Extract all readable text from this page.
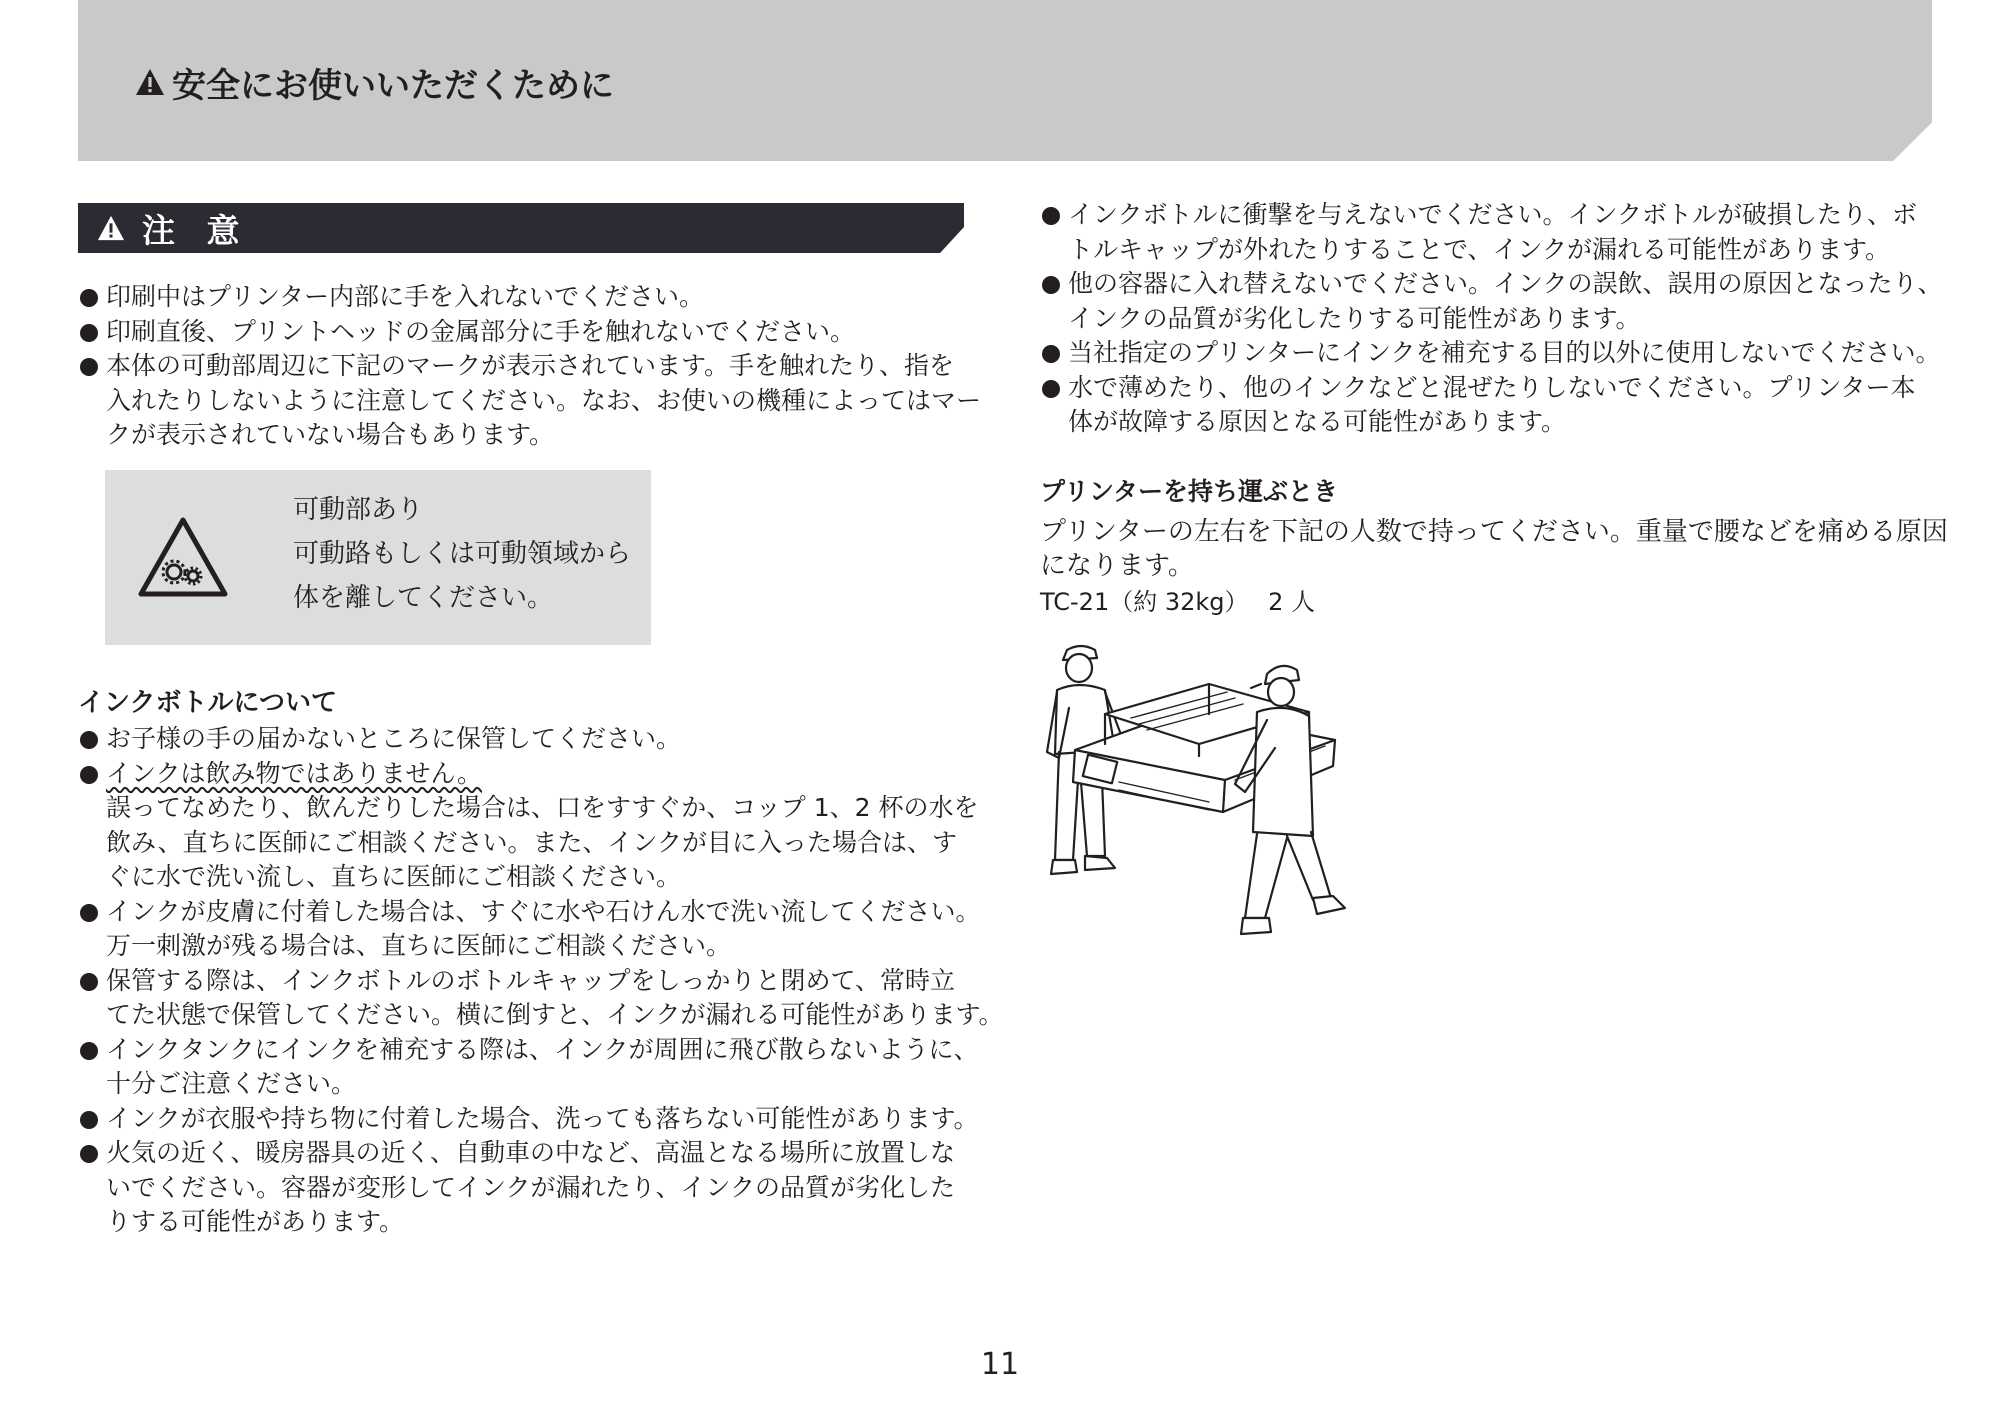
安全にお使いいただくために
注 意
印刷中はプリンター内部に手を入れないでください。
印刷直後、プリントヘッドの金属部分に手を触れないでください。
本体の可動部周辺に下記のマークが表示されています。手を触れたり、指を
入れたりしないように注意してください。なお、お使いの機種によってはマー
クが表示されていない場合もあります。
可動部あり
可動路もしくは可動領域から
体を離してください。
インクボトルについて
お子様の手の届かないところに保管してください。
インクは飲み物ではありません。
誤ってなめたり、飲んだりした場合は、口をすすぐか、コップ 1、2 杯の水を
飲み、直ちに医師にご相談ください。また、インクが目に入った場合は、す
ぐに水で洗い流し、直ちに医師にご相談ください。
インクが皮膚に付着した場合は、すぐに水や石けん水で洗い流してください。
万一刺激が残る場合は、直ちに医師にご相談ください。
保管する際は、インクボトルのボトルキャップをしっかりと閉めて、常時立
てた状態で保管してください。横に倒すと、インクが漏れる可能性があります。
インクタンクにインクを補充する際は、インクが周囲に飛び散らないように、
十分ご注意ください。
インクが衣服や持ち物に付着した場合、洗っても落ちない可能性があります。
火気の近く、暖房器具の近く、自動車の中など、高温となる場所に放置しな
いでください。容器が変形してインクが漏れたり、インクの品質が劣化した
りする可能性があります。
インクボトルに衝撃を与えないでください。インクボトルが破損したり、ボ
トルキャップが外れたりすることで、インクが漏れる可能性があります。
他の容器に入れ替えないでください。インクの誤飲、誤用の原因となったり、
インクの品質が劣化したりする可能性があります。
当社指定のプリンターにインクを補充する目的以外に使用しないでください。
水で薄めたり、他のインクなどと混ぜたりしないでください。プリンター本
体が故障する原因となる可能性があります。
プリンターを持ち運ぶとき
プリンターの左右を下記の人数で持ってください。重量で腰などを痛める原因
になります。
TC-21（約 32kg）　 2 人
11
